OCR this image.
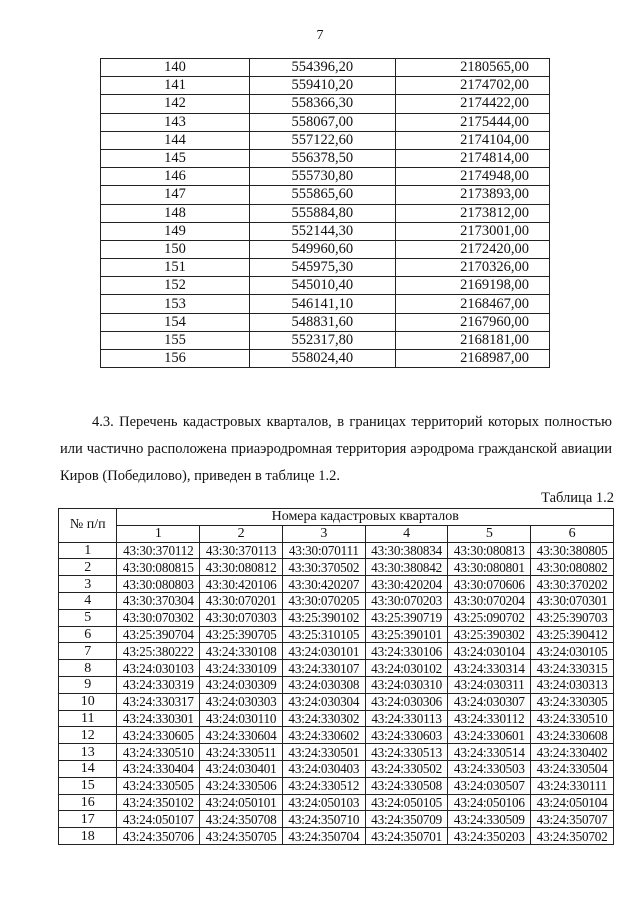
7
140	554396,20	2180565,00
141	559410,20	2174702,00
142	558366,30	2174422,00
143	558067,00	2175444,00
144	557122,60	2174104,00
145	556378,50	2174814,00
146	555730,80	2174948,00
147	555865,60	2173893,00
148	555884,80	2173812,00
149	552144,30	2173001,00
150	549960,60	2172420,00
151	545975,30	2170326,00
152	545010,40	2169198,00
153	546141,10	2168467,00
154	548831,60	2167960,00
155	552317,80	2168181,00
156	558024,40	2168987,00
4.3. Перечень кадастровых кварталов, в границах территорий которых полностью или частично расположена приаэродромная территория аэродрома гражданской авиации Киров (Победилово), приведен в таблице 1.2.
Таблица 1.2
№ п/п	Номера кадастровых кварталов					
	1	2	3	4	5	6
1	43:30:370112	43:30:370113	43:30:070111	43:30:380834	43:30:080813	43:30:380805
2	43:30:080815	43:30:080812	43:30:370502	43:30:380842	43:30:080801	43:30:080802
3	43:30:080803	43:30:420106	43:30:420207	43:30:420204	43:30:070606	43:30:370202
4	43:30:370304	43:30:070201	43:30:070205	43:30:070203	43:30:070204	43:30:070301
5	43:30:070302	43:30:070303	43:25:390102	43:25:390719	43:25:090702	43:25:390703
6	43:25:390704	43:25:390705	43:25:310105	43:25:390101	43:25:390302	43:25:390412
7	43:25:380222	43:24:330108	43:24:030101	43:24:330106	43:24:030104	43:24:030105
8	43:24:030103	43:24:330109	43:24:330107	43:24:030102	43:24:330314	43:24:330315
9	43:24:330319	43:24:030309	43:24:030308	43:24:030310	43:24:030311	43:24:030313
10	43:24:330317	43:24:030303	43:24:030304	43:24:030306	43:24:030307	43:24:330305
11	43:24:330301	43:24:030110	43:24:330302	43:24:330113	43:24:330112	43:24:330510
12	43:24:330605	43:24:330604	43:24:330602	43:24:330603	43:24:330601	43:24:330608
13	43:24:330510	43:24:330511	43:24:330501	43:24:330513	43:24:330514	43:24:330402
14	43:24:330404	43:24:030401	43:24:030403	43:24:330502	43:24:330503	43:24:330504
15	43:24:330505	43:24:330506	43:24:330512	43:24:330508	43:24:030507	43:24:330111
16	43:24:350102	43:24:050101	43:24:050103	43:24:050105	43:24:050106	43:24:050104
17	43:24:050107	43:24:350708	43:24:350710	43:24:350709	43:24:330509	43:24:350707
18	43:24:350706	43:24:350705	43:24:350704	43:24:350701	43:24:350203	43:24:350702
